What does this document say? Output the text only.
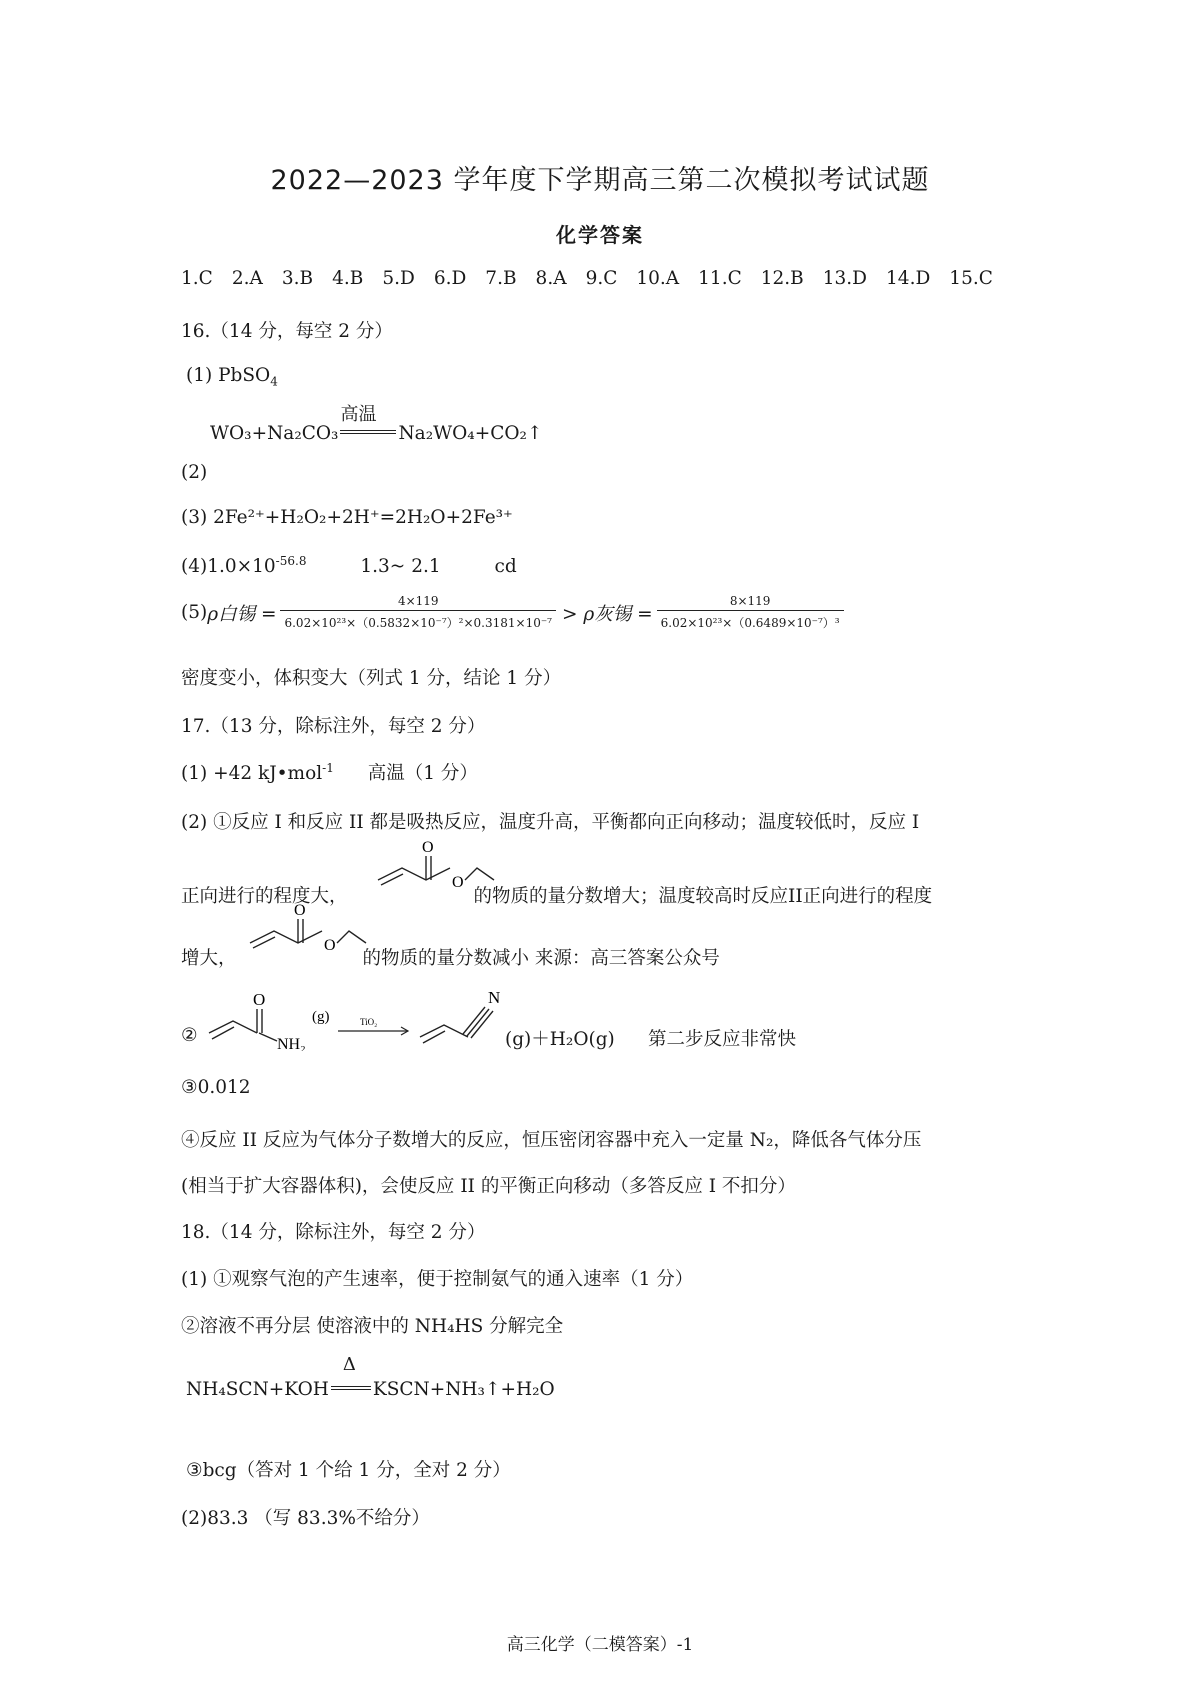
2022—2023 学年度下学期高三第二次模拟考试试题
化学答案
1.C 2.A 3.B 4.B 5.D 6.D 7.B 8.A 9.C 10.A 11.C 12.B 13.D 14.D 15.C
16.（14 分，每空 2 分）
(1) PbSO$_4$
WO₃+Na₂CO₃
高温
Na₂WO₄+CO₂↑
(2)
(3) 2Fe²⁺+H₂O₂+2H⁺=2H₂O+2Fe³⁺
$(4)1.0\times 10^{-56.8}$	1.3~ 2.1	cd
(5) ρ白锡 = $\frac{4\times 119}{\text{6.02×10²³×（0.5832×10⁻⁷）²×0.3181×10⁻⁷}} > \rho$灰锡 = $\frac{8\times 119}{\text{6.02×10²³×（0.6489×10⁻⁷）³}}$
密度变小，体积变大（列式 1 分，结论 1 分）
17.（13 分，除标注外，每空 2 分）
(1) +42 kJ•mol$^{-1}$ 高温（1 分）
(2) ①反应 I 和反应 II 都是吸热反应，温度升高，平衡都向正向移动；温度较低时，反应 I
正向进行的程度大，	的物质的量分数增大；温度较高时反应II正向进行的程度
O
O
增大，	的物质的量分数减小 来源：高三答案公众号
O
O
②
O
NH₂
(g)	TiO₂
N
(g)＋H₂O(g) 第二步反应非常快
③0.012
④反应 II 反应为气体分子数增大的反应，恒压密闭容器中充入一定量 N₂，降低各气体分压
(相当于扩大容器体积)，会使反应 II 的平衡正向移动（多答反应 I 不扣分）
18.（14 分，除标注外，每空 2 分）
(1) ①观察气泡的产生速率，便于控制氨气的通入速率（1 分）
②溶液不再分层 使溶液中的 NH₄HS 分解完全
NH₄SCN+KOH
Δ
KSCN+NH₃↑+H₂O
③bcg（答对 1 个给 1 分，全对 2 分）
(2)83.3 （写 83.3%不给分）
高三化学（二模答案）-1
